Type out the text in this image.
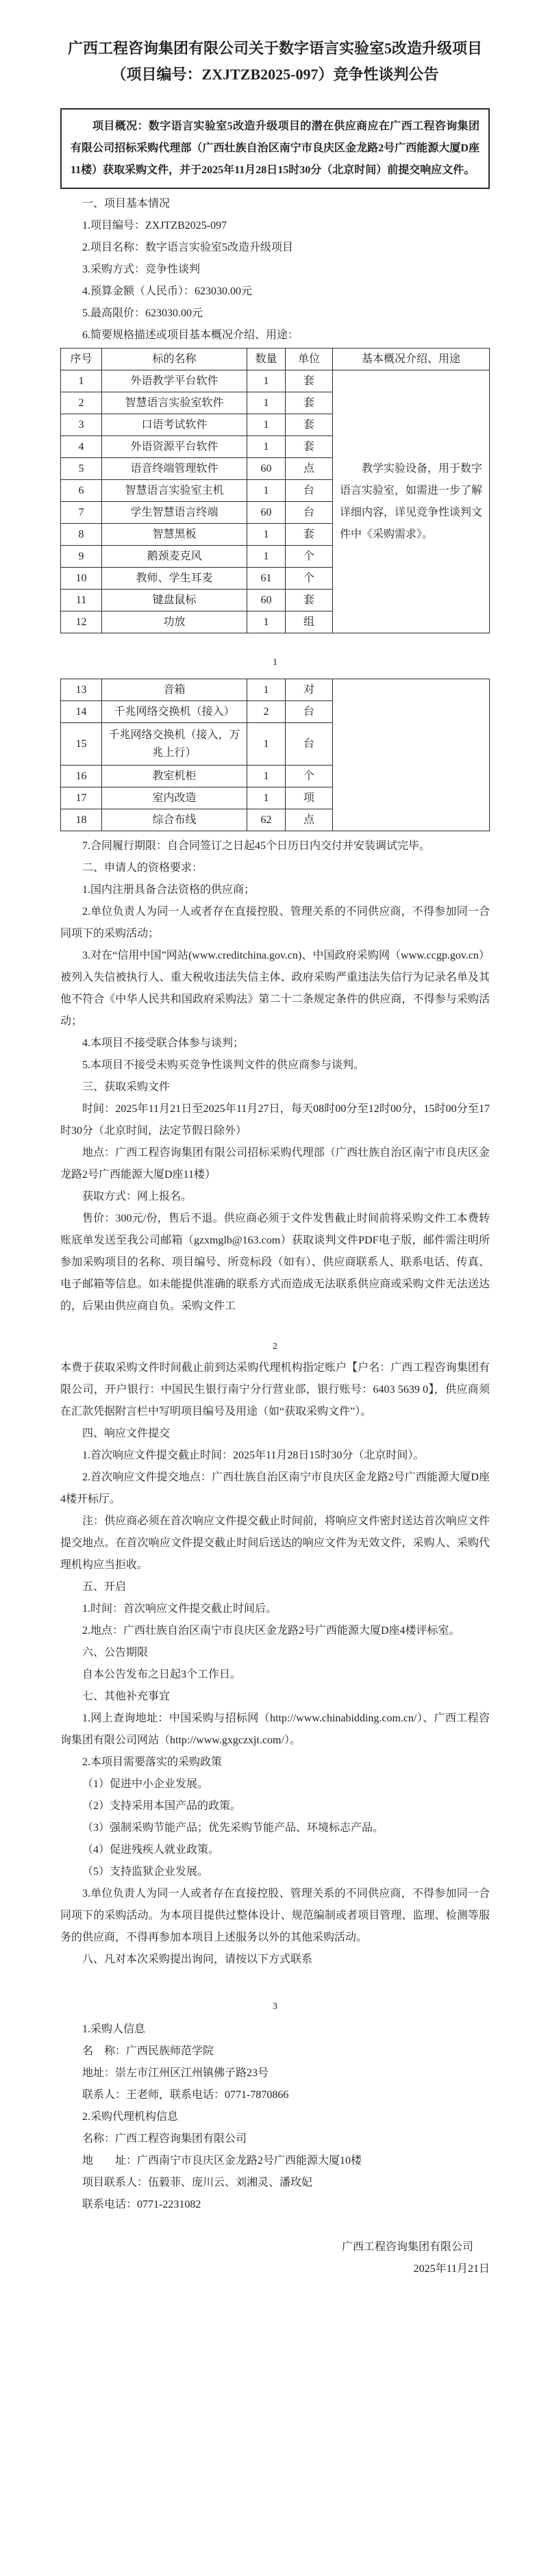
广西工程咨询集团有限公司关于数字语言实验室5改造升级项目
（项目编号：ZXJTZB2025-097）竞争性谈判公告

项目概况：数字语言实验室5改造升级项目的潜在供应商应在广西工程咨询集团有限公司招标采购代理部（广西壮族自治区南宁市良庆区金龙路2号广西能源大厦D座11楼）获取采购文件，并于2025年11月28日15时30分（北京时间）前提交响应文件。

一、项目基本情况

1.项目编号：ZXJTZB2025-097

2.项目名称：数字语言实验室5改造升级项目

3.采购方式：竞争性谈判

4.预算金额（人民币）：623030.00元

5.最高限价：623030.00元

6.简要规格描述或项目基本概况介绍、用途：

序号	标的名称	数量	单位	基本概况介绍、用途
1	外语教学平台软件	1	套	教学实验设备，用于数字语言实验室，如需进一步了解详细内容，详见竞争性谈判文件中《采购需求》。
2	智慧语言实验室软件	1	套	
3	口语考试软件	1	套	
4	外语资源平台软件	1	套	
5	语音终端管理软件	60	点	
6	智慧语言实验室主机	1	台	
7	学生智慧语言终端	60	台	
8	智慧黑板	1	套	
9	鹅颈麦克风	1	个	
10	教师、学生耳麦	61	个	
11	键盘鼠标	60	套	
12	功放	1	组	
1
13	音箱	1	对	
14	千兆网络交换机（接入）	2	台	
15	千兆网络交换机（接入，万兆上行）	1	台	
16	教室机柜	1	个	
17	室内改造	1	项	
18	综合布线	62	点	

7.合同履行期限：自合同签订之日起45个日历日内交付并安装调试完毕。

二、申请人的资格要求：

1.国内注册具备合法资格的供应商；

2.单位负责人为同一人或者存在直接控股、管理关系的不同供应商，不得参加同一合同项下的采购活动；

3.对在“信用中国”网站(www.creditchina.gov.cn)、中国政府采购网（www.ccgp.gov.cn）被列入失信被执行人、重大税收违法失信主体、政府采购严重违法失信行为记录名单及其他不符合《中华人民共和国政府采购法》第二十二条规定条件的供应商，不得参与采购活动；

4.本项目不接受联合体参与谈判；

5.本项目不接受未购买竞争性谈判文件的供应商参与谈判。

三、获取采购文件

时间：2025年11月21日至2025年11月27日，每天08时00分至12时00分，15时00分至17时30分（北京时间，法定节假日除外）

地点：广西工程咨询集团有限公司招标采购代理部（广西壮族自治区南宁市良庆区金龙路2号广西能源大厦D座11楼）

获取方式：网上报名。

售价：300元/份，售后不退。供应商必须于文件发售截止时间前将采购文件工本费转账底单发送至我公司邮箱（gzxmglb@163.com）获取谈判文件PDF电子版，邮件需注明所参加采购项目的名称、项目编号、所竞标段（如有）、供应商联系人、联系电话、传真、电子邮箱等信息。如未能提供准确的联系方式而造成无法联系供应商或采购文件无法送达的，后果由供应商自负。采购文件工

2

本费于获取采购文件时间截止前到达采购代理机构指定账户【户名：广西工程咨询集团有限公司，开户银行：中国民生银行南宁分行营业部，银行账号：6403 5639 0】，供应商须在汇款凭据附言栏中写明项目编号及用途（如“获取采购文件”）。

四、响应文件提交

1.首次响应文件提交截止时间：2025年11月28日15时30分（北京时间）。

2.首次响应文件提交地点：广西壮族自治区南宁市良庆区金龙路2号广西能源大厦D座4楼开标厅。

注：供应商必须在首次响应文件提交截止时间前，将响应文件密封送达首次响应文件提交地点。在首次响应文件提交截止时间后送达的响应文件为无效文件，采购人、采购代理机构应当拒收。

五、开启

1.时间：首次响应文件提交截止时间后。

2.地点：广西壮族自治区南宁市良庆区金龙路2号广西能源大厦D座4楼评标室。

六、公告期限

自本公告发布之日起3个工作日。

七、其他补充事宜

1.网上查询地址：中国采购与招标网（http://www.chinabidding.com.cn/）、广西工程咨询集团有限公司网站（http://www.gxgczxjt.com/）。

2.本项目需要落实的采购政策

（1）促进中小企业发展。

（2）支持采用本国产品的政策。

（3）强制采购节能产品；优先采购节能产品、环境标志产品。

（4）促进残疾人就业政策。

（5）支持监狱企业发展。

3.单位负责人为同一人或者存在直接控股、管理关系的不同供应商，不得参加同一合同项下的采购活动。为本项目提供过整体设计、规范编制或者项目管理、监理、检测等服务的供应商，不得再参加本项目上述服务以外的其他采购活动。

八、凡对本次采购提出询问，请按以下方式联系

3

1.采购人信息

名　称：广西民族师范学院

地址：崇左市江州区江州镇佛子路23号

联系人：王老师，联系电话：0771-7870866

2.采购代理机构信息

名称：广西工程咨询集团有限公司

地　　址：广西南宁市良庆区金龙路2号广西能源大厦10楼

项目联系人：伍毅菲、庞川云、刘湘灵、潘玫妃

联系电话：0771-2231082

广西工程咨询集团有限公司

2025年11月21日
